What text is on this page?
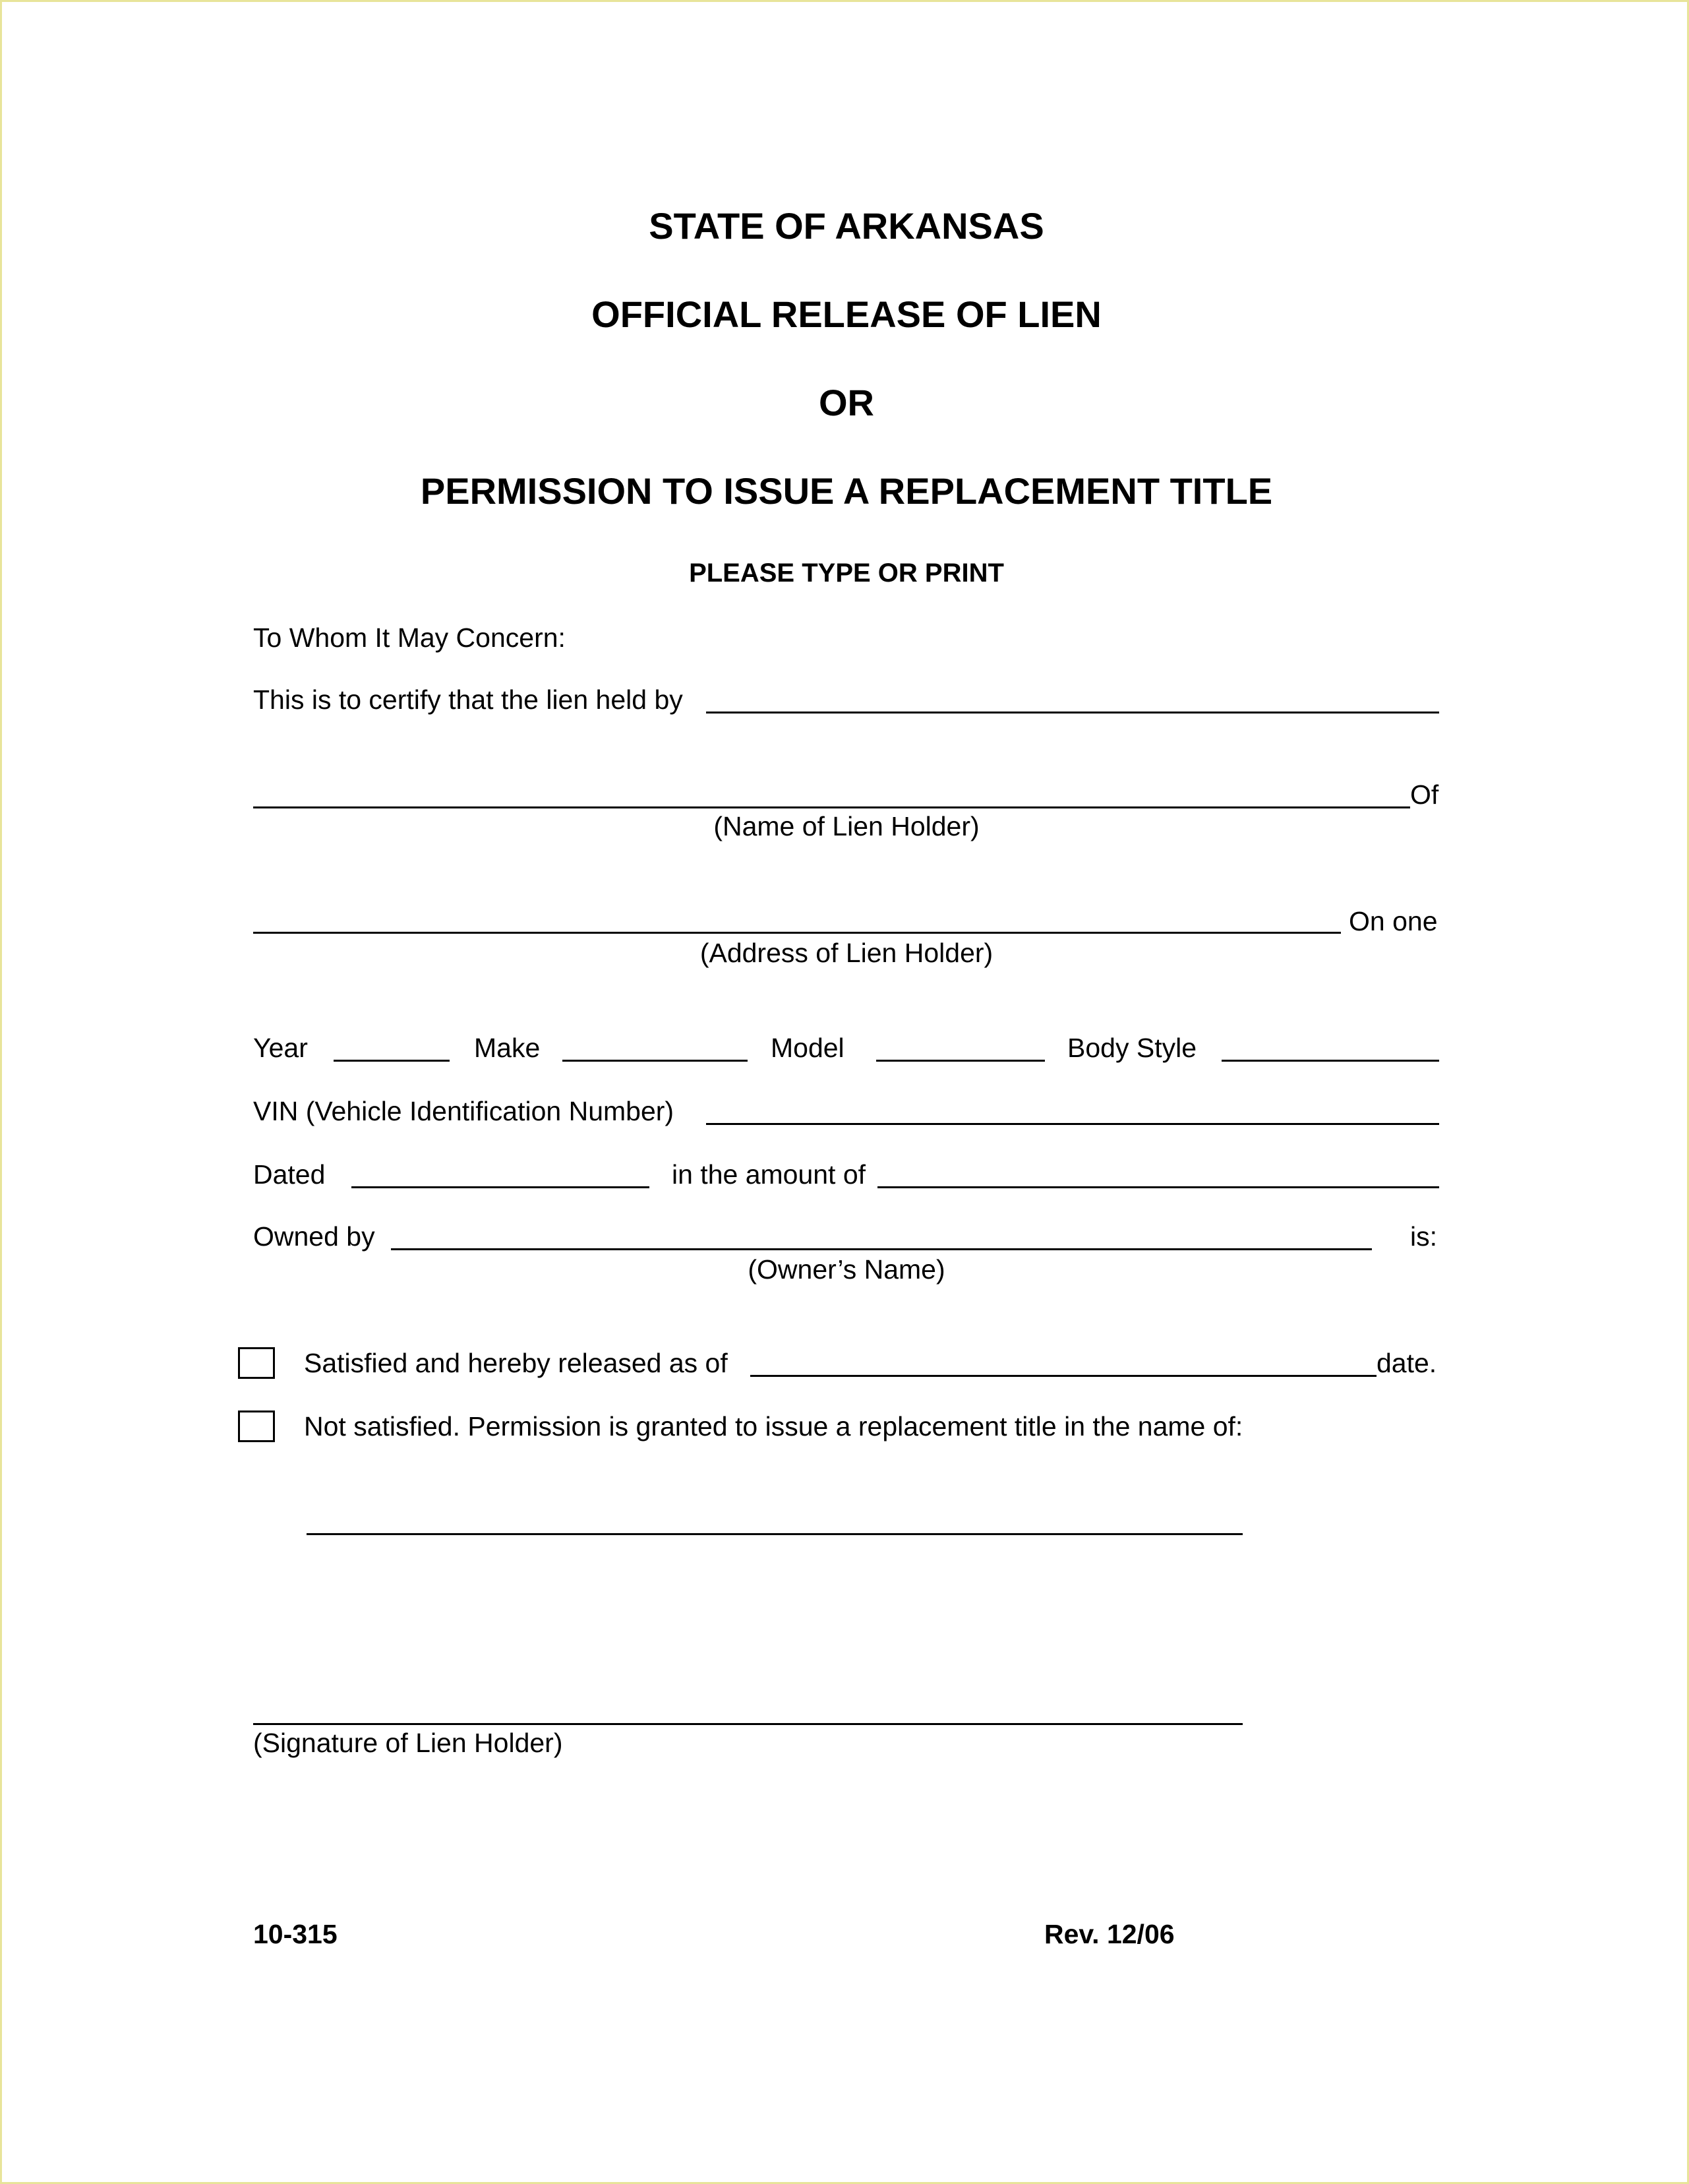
STATE OF ARKANSAS
OFFICIAL RELEASE OF LIEN
OR
PERMISSION TO ISSUE A REPLACEMENT TITLE
PLEASE TYPE OR PRINT
To Whom It May Concern:
This is to certify that the lien held by
Of
(Name of Lien Holder)
On one
(Address of Lien Holder)
Year	Make	Model	Body Style
VIN (Vehicle Identification Number)
Dated	in the amount of
Owned by	is:
(Owner’s Name)
Satisfied and hereby released as of	date.
Not satisfied. Permission is granted to issue a replacement title in the name of:
(Signature of Lien Holder)
10-315	Rev. 12/06
